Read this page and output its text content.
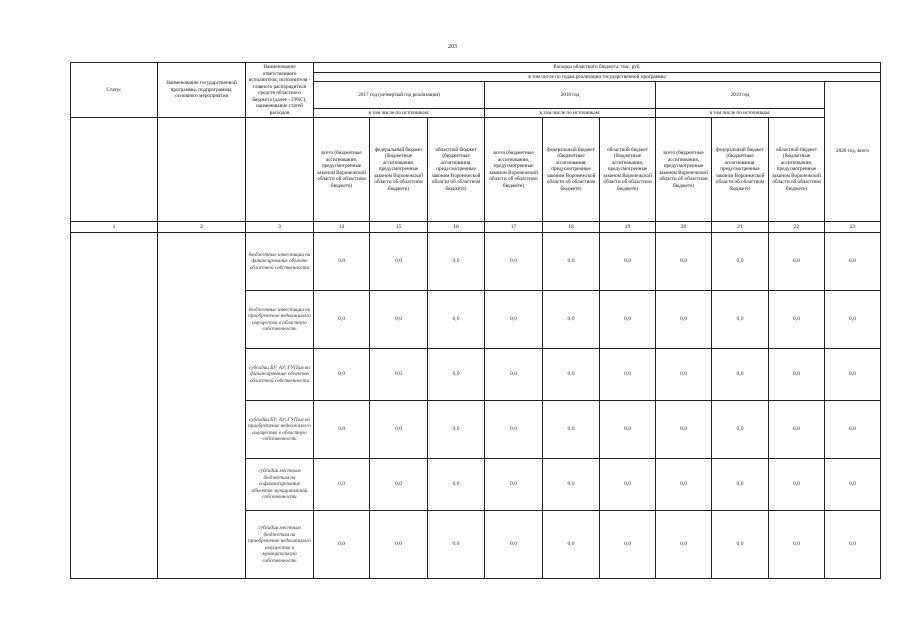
203
Статус	Наименование государственной программы, подпрограммы, основного мероприятия	Наименование ответственного исполнителя, исполнителя - главного распорядителя средств областного бюджета (далее - ГРБС), наименование статей расходов	Расходы областного бюджета, тыс. руб.									
			в том числе по годам реализации государственной программы									
			2017 год (четвертый год реализации)			2018 год			2019 год			2020 год, всего
			в том числе по источникам:			в том числе по источникам:			в том числе по источникам:			
			всего (бюджетные ассигнования, предусмотренные законом Воронежской области об областном бюджете)	федеральный бюджет (бюджетные ассигнования, предусмотренные законом Воронежской области об областном бюджете)	областной бюджет (бюджетные ассигнования, предусмотренные законом Воронежской области об областном бюджете)	всего (бюджетные ассигнования, предусмотренные законом Воронежской области об областном бюджете)	федеральный бюджет (бюджетные ассигнования, предусмотренные законом Воронежской области об областном бюджете)	областной бюджет (бюджетные ассигнования, предусмотренные законом Воронежской области об областном бюджете)	всего (бюджетные ассигнования, предусмотренные законом Воронежской области об областном бюджете)	федеральный бюджет (бюджетные ассигнования, предусмотренные законом Воронежской области об областном бюджете)	областной бюджет (бюджетные ассигнования, предусмотренные законом Воронежской области об областном бюджете)	
1	2	3	14	15	16	17	18	19	20	21	22	23
		бюджетные инвестиции на финансирование объекте областной собственности	0,0	0,0	0,0	0,0	0,0	0,0	0,0	0,0	0,0	0,0
		бюджетные инвестиции на приобретение недвижимого имущества в областную собственность	0,0	0,0	0,0	0,0	0,0	0,0	0,0	0,0	0,0	0,0
		субсидии БУ, АУ, ГУПам на финансирование объектов областной собственности	0,0	0,0	0,0	0,0	0,0	0,0	0,0	0,0	0,0	0,0
		субсидии БУ, АУ, ГУПам на приобретение недвижимого имущества в областную собственность	0,0	0,0	0,0	0,0	0,0	0,0	0,0	0,0	0,0	0,0
		субсидии местным бюджетам на софинансирование объектов муниципальной собственности	0,0	0,0	0,0	0,0	0,0	0,0	0,0	0,0	0,0	0,0
		субсидии местным бюджетам на приобретение недвижимого имущества в муниципальную собственность	0,0	0,0	0,0	0,0	0,0	0,0	0,0	0,0	0,0	0,0
